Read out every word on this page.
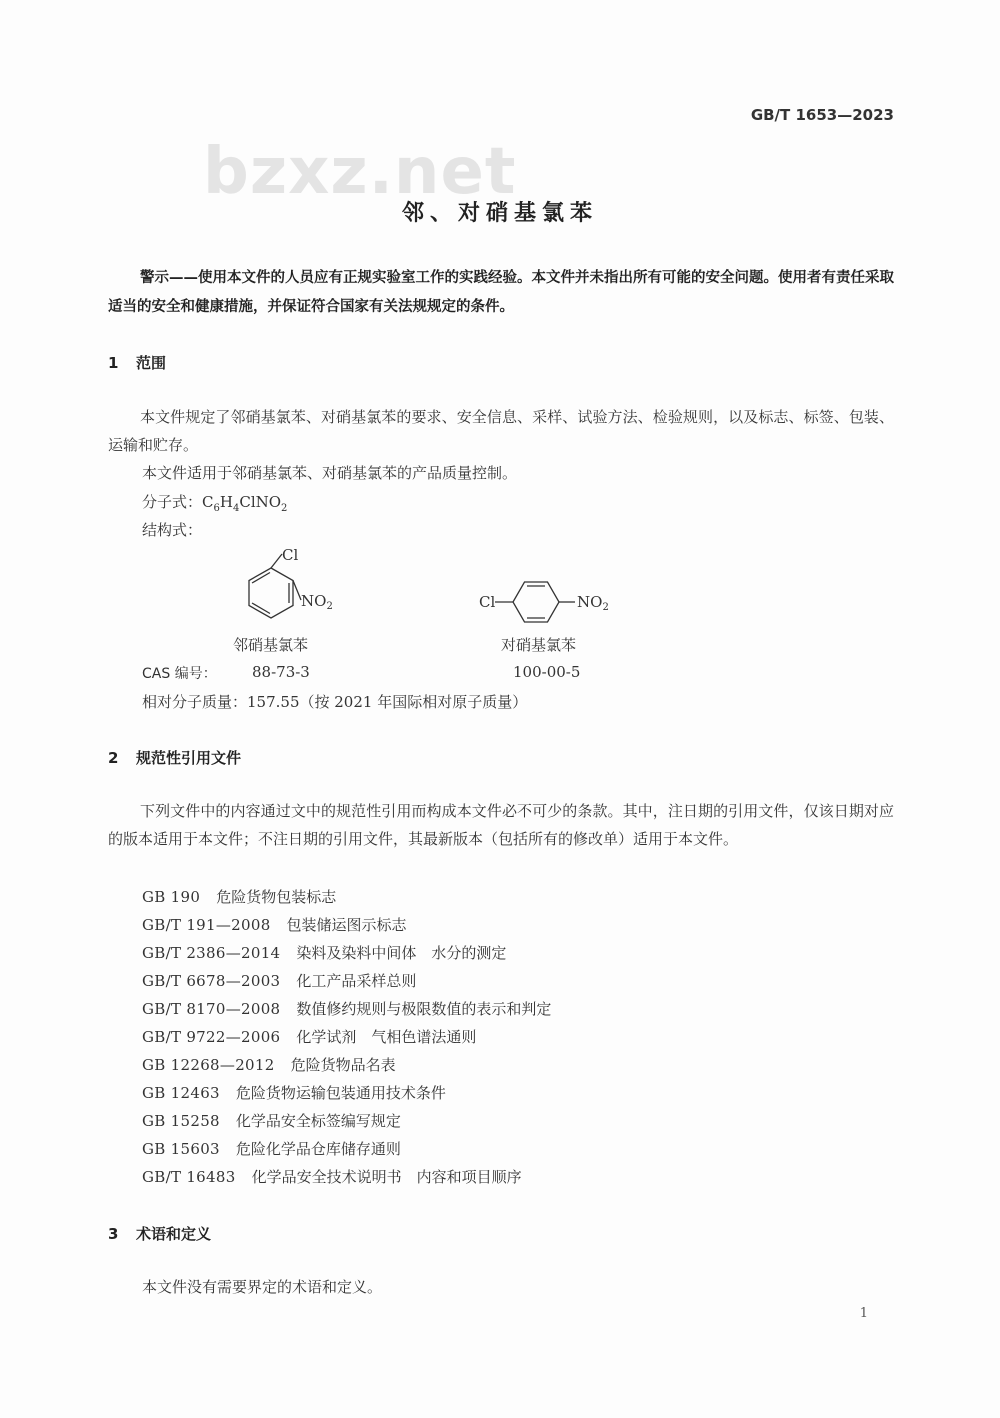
GB/T 1653—2023
bzxz.net
邻、对硝基氯苯
警示——使用本文件的人员应有正规实验室工作的实践经验。本文件并未指出所有可能的安全问题。使用者有责任采取适当的安全和健康措施，并保证符合国家有关法规规定的条件。
1 范围
本文件规定了邻硝基氯苯、对硝基氯苯的要求、安全信息、采样、试验方法、检验规则，以及标志、标签、包装、运输和贮存。
本文件适用于邻硝基氯苯、对硝基氯苯的产品质量控制。
分子式：$C_6H_4ClNO_2$
结构式：
Cl
$NO_2$	Cl	$NO_2$
邻硝基氯苯	对硝基氯苯
CAS 编号： 88-73-3	100-00-5
相对分子质量：157.55（按 2021 年国际相对原子质量）
2 规范性引用文件
下列文件中的内容通过文中的规范性引用而构成本文件必不可少的条款。其中，注日期的引用文件，仅该日期对应的版本适用于本文件；不注日期的引用文件，其最新版本（包括所有的修改单）适用于本文件。
GB 190 危险货物包装标志
GB/T 191—2008 包装储运图示标志
GB/T 2386—2014 染料及染料中间体　水分的测定
GB/T 6678—2003 化工产品采样总则
GB/T 8170—2008 数值修约规则与极限数值的表示和判定
GB/T 9722—2006 化学试剂　气相色谱法通则
GB 12268—2012 危险货物品名表
GB 12463 危险货物运输包装通用技术条件
GB 15258 化学品安全标签编写规定
GB 15603 危险化学品仓库储存通则
GB/T 16483 化学品安全技术说明书　内容和项目顺序
3 术语和定义
本文件没有需要界定的术语和定义。
1
